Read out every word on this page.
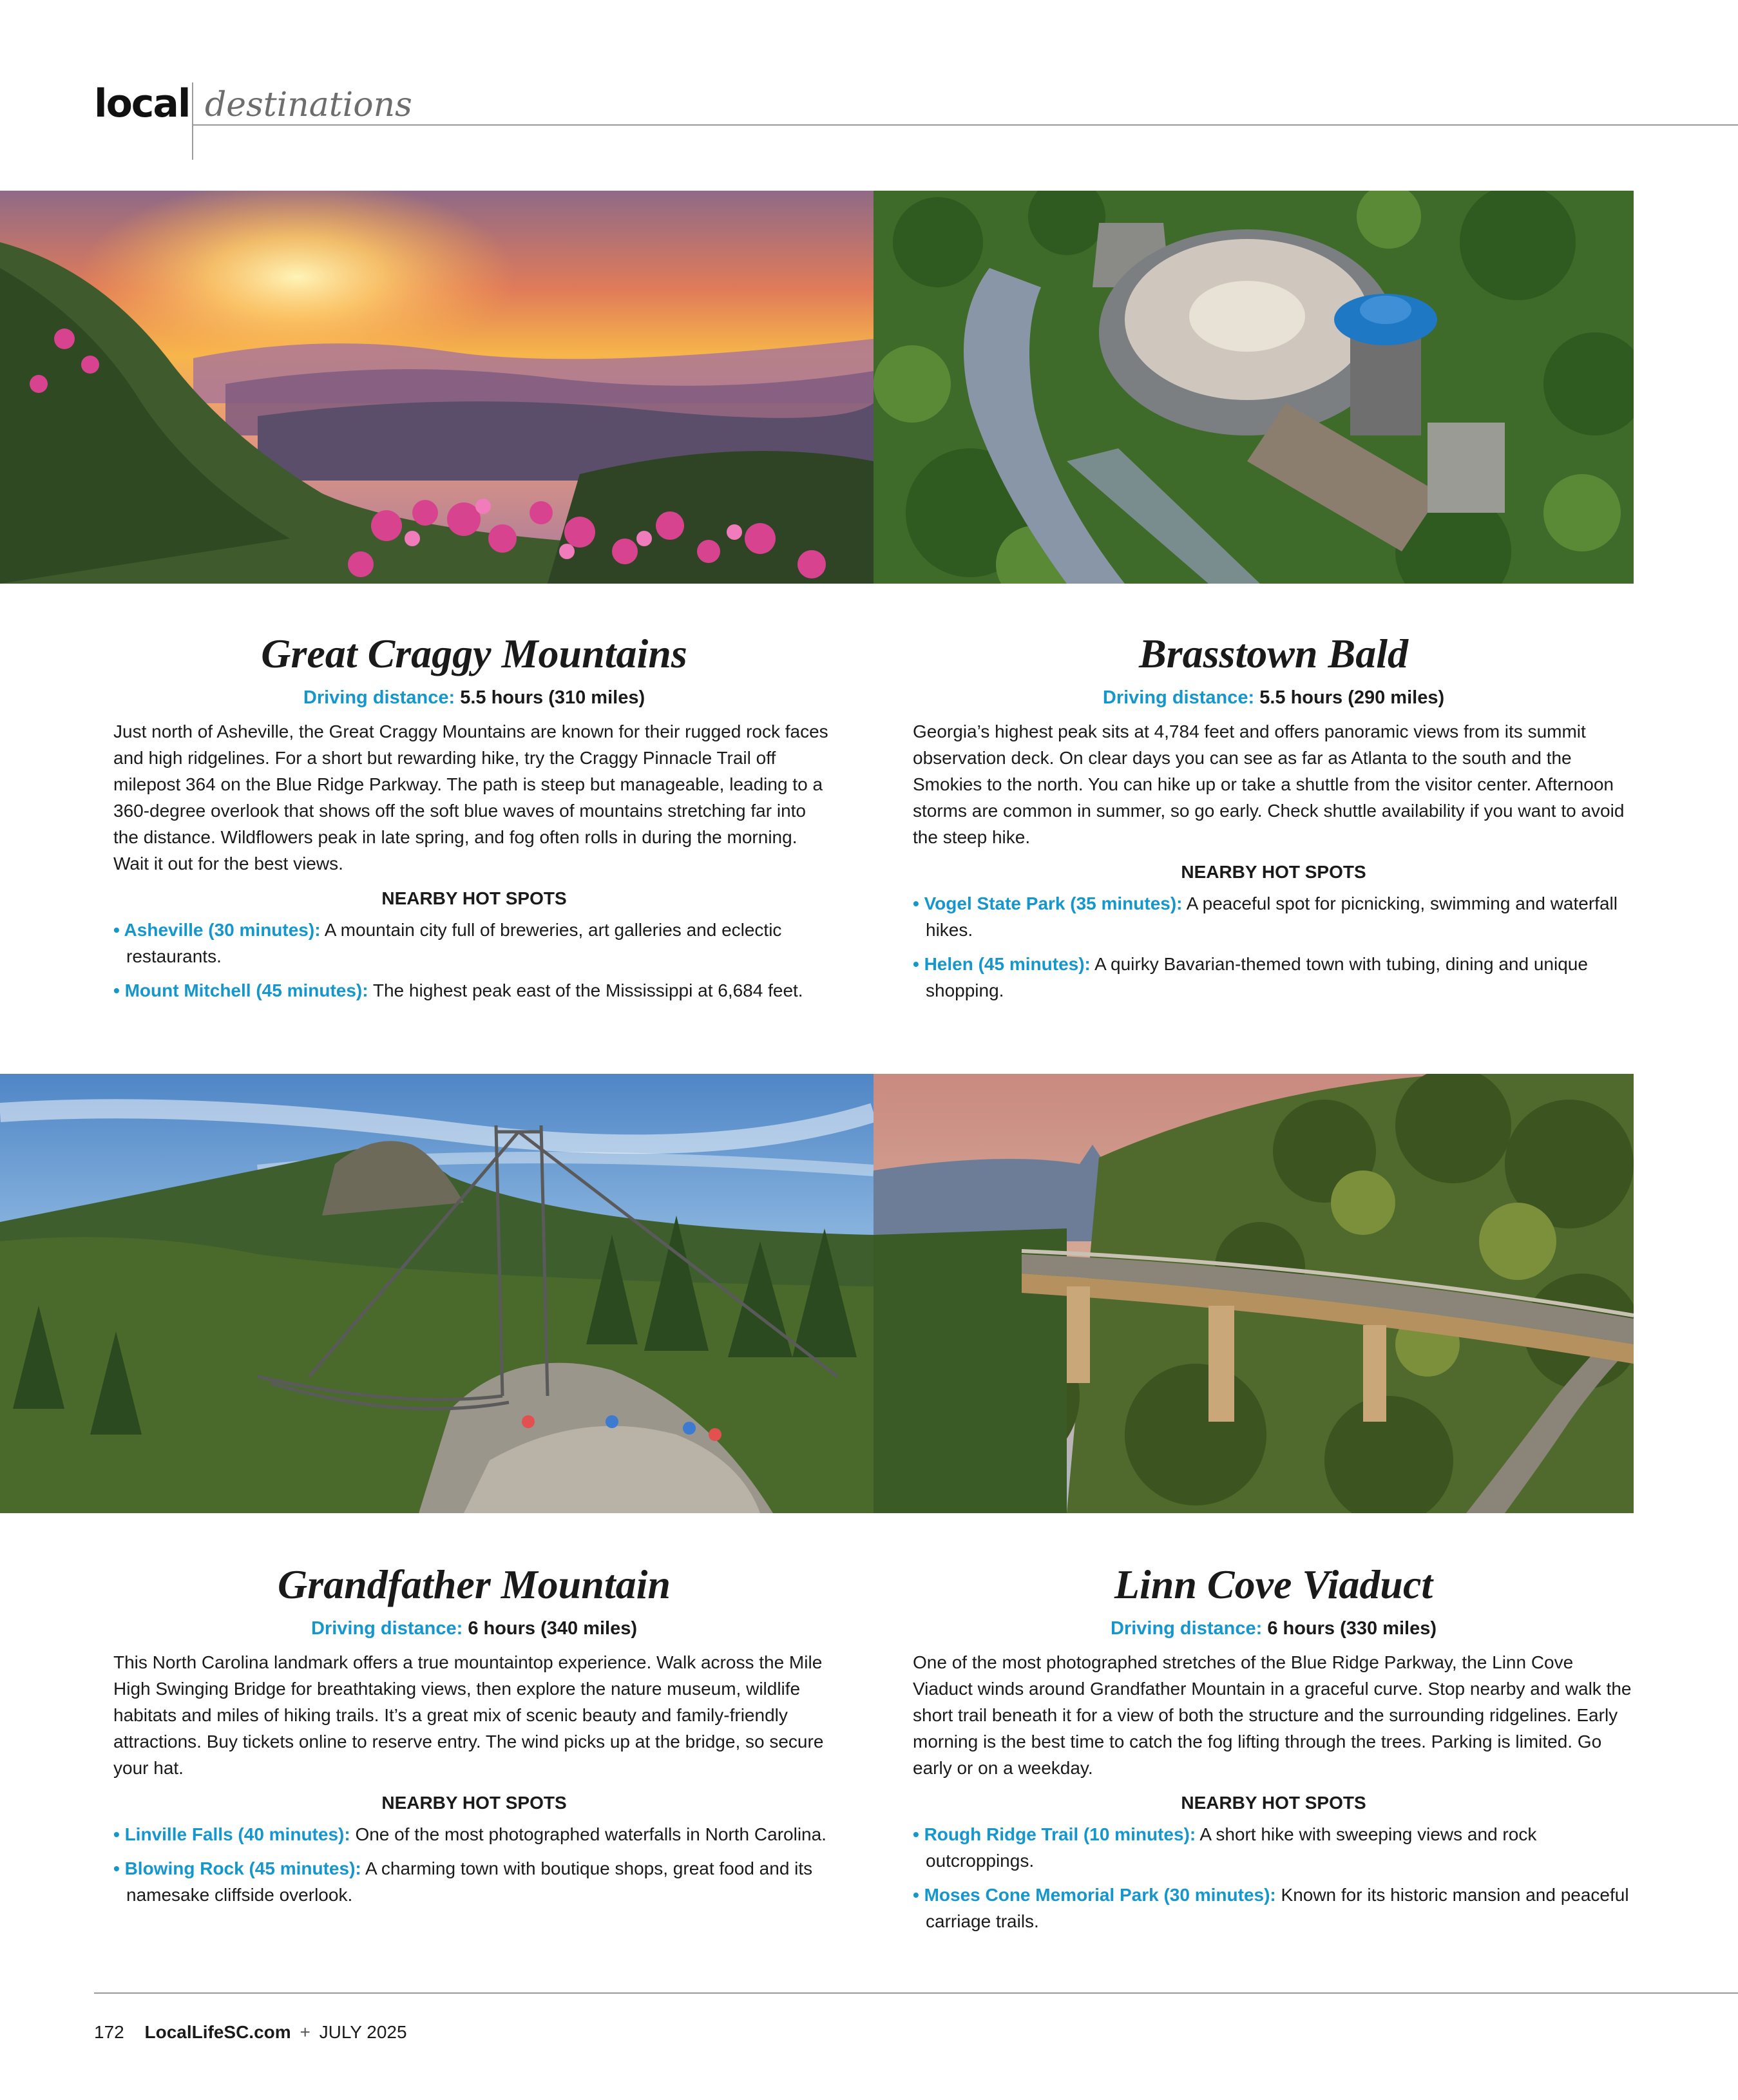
local destinations
Great Craggy Mountains
Driving distance: 5.5 hours (310 miles)

Just north of Asheville, the Great Craggy Mountains are known for their rugged rock faces and high ridgelines. For a short but rewarding hike, try the Craggy Pinnacle Trail off milepost 364 on the Blue Ridge Parkway. The path is steep but manageable, leading to a 360-degree overlook that shows off the soft blue waves of mountains stretching far into the distance. Wildflowers peak in late spring, and fog often rolls in during the morning. Wait it out for the best views.

NEARBY HOT SPOTS
• Asheville (30 minutes): A mountain city full of breweries, art galleries and eclectic restaurants.
• Mount Mitchell (45 minutes): The highest peak east of the Mississippi at 6,684 feet.
Brasstown Bald
Driving distance: 5.5 hours (290 miles)

Georgia’s highest peak sits at 4,784 feet and offers panoramic views from its summit observation deck. On clear days you can see as far as Atlanta to the south and the Smokies to the north. You can hike up or take a shuttle from the visitor center. Afternoon storms are common in summer, so go early. Check shuttle availability if you want to avoid the steep hike.

NEARBY HOT SPOTS
• Vogel State Park (35 minutes): A peaceful spot for picnicking, swimming and waterfall hikes.
• Helen (45 minutes): A quirky Bavarian-themed town with tubing, dining and unique shopping.
Grandfather Mountain
Driving distance: 6 hours (340 miles)

This North Carolina landmark offers a true mountaintop experience. Walk across the Mile High Swinging Bridge for breathtaking views, then explore the nature museum, wildlife habitats and miles of hiking trails. It’s a great mix of scenic beauty and family-friendly attractions. Buy tickets online to reserve entry. The wind picks up at the bridge, so secure your hat.

NEARBY HOT SPOTS
• Linville Falls (40 minutes): One of the most photographed waterfalls in North Carolina.
• Blowing Rock (45 minutes): A charming town with boutique shops, great food and its namesake cliffside overlook.
Linn Cove Viaduct
Driving distance: 6 hours (330 miles)

One of the most photographed stretches of the Blue Ridge Parkway, the Linn Cove Viaduct winds around Grandfather Mountain in a graceful curve. Stop nearby and walk the short trail beneath it for a view of both the structure and the surrounding ridgelines. Early morning is the best time to catch the fog lifting through the trees. Parking is limited. Go early or on a weekday.

NEARBY HOT SPOTS
• Rough Ridge Trail (10 minutes): A short hike with sweeping views and rock outcroppings.
• Moses Cone Memorial Park (30 minutes): Known for its historic mansion and peaceful carriage trails.
172 LocalLifeSC.com + JULY 2025
